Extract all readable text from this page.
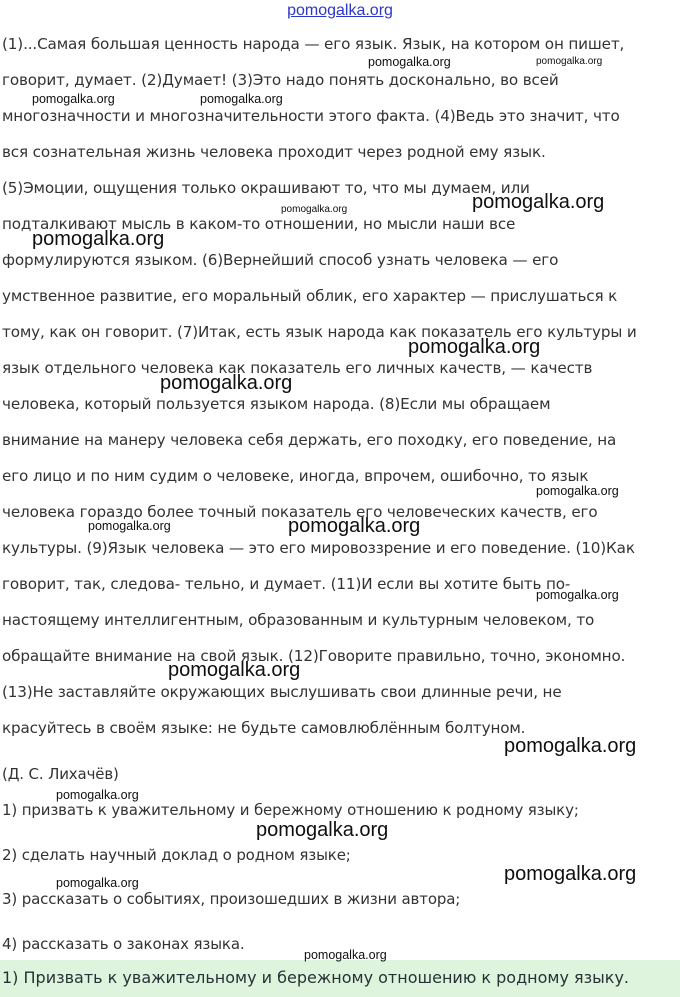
pomogalka.org

(1)...Самая большая ценность народа — его язык. Язык, на котором он пишет,

говорит, думает. (2)Думает! (3)Это надо понять досконально, во всей

многозначности и многозначительности этого факта. (4)Ведь это значит, что

вся сознательная жизнь человека проходит через родной ему язык.

(5)Эмоции, ощущения только окрашивают то, что мы думаем, или

подталкивают мысль в каком-то отношении, но мысли наши все

формулируются языком. (6)Вернейший способ узнать человека — его

умственное развитие, его моральный облик, его характер — прислушаться к

тому, как он говорит. (7)Итак, есть язык народа как показатель его культуры и

язык отдельного человека как показатель его личных качеств, — качеств

человека, который пользуется языком народа. (8)Если мы обращаем

внимание на манеру человека себя держать, его походку, его поведение, на

его лицо и по ним судим о человеке, иногда, впрочем, ошибочно, то язык

человека гораздо более точный показатель его человеческих качеств, его

культуры. (9)Язык человека — это его мировоззрение и его поведение. (10)Как

говорит, так, следова- тельно, и думает. (11)И если вы хотите быть по-

настоящему интеллигентным, образованным и культурным человеком, то

обращайте внимание на свой язык. (12)Говорите правильно, точно, экономно.

(13)Не заставляйте окружающих выслушивать свои длинные речи, не

красуйтесь в своём языке: не будьте самовлюблённым болтуном.

(Д. С. Лихачёв)

1) призвать к уважительному и бережному отношению к родному языку;

2) сделать научный доклад о родном языке;

3) рассказать о событиях, произошедших в жизни автора;

4) рассказать о законах языка.

1) Призвать к уважительному и бережному отношению к родному языку.

pomogalka.org	pomogalka.org
pomogalka.org	pomogalka.org
pomogalka.org
pomogalka.org
pomogalka.org
pomogalka.org
pomogalka.org
pomogalka.org
pomogalka.org	pomogalka.org
pomogalka.org
pomogalka.org
pomogalka.org
pomogalka.org
pomogalka.org
pomogalka.org
pomogalka.org
pomogalka.org
